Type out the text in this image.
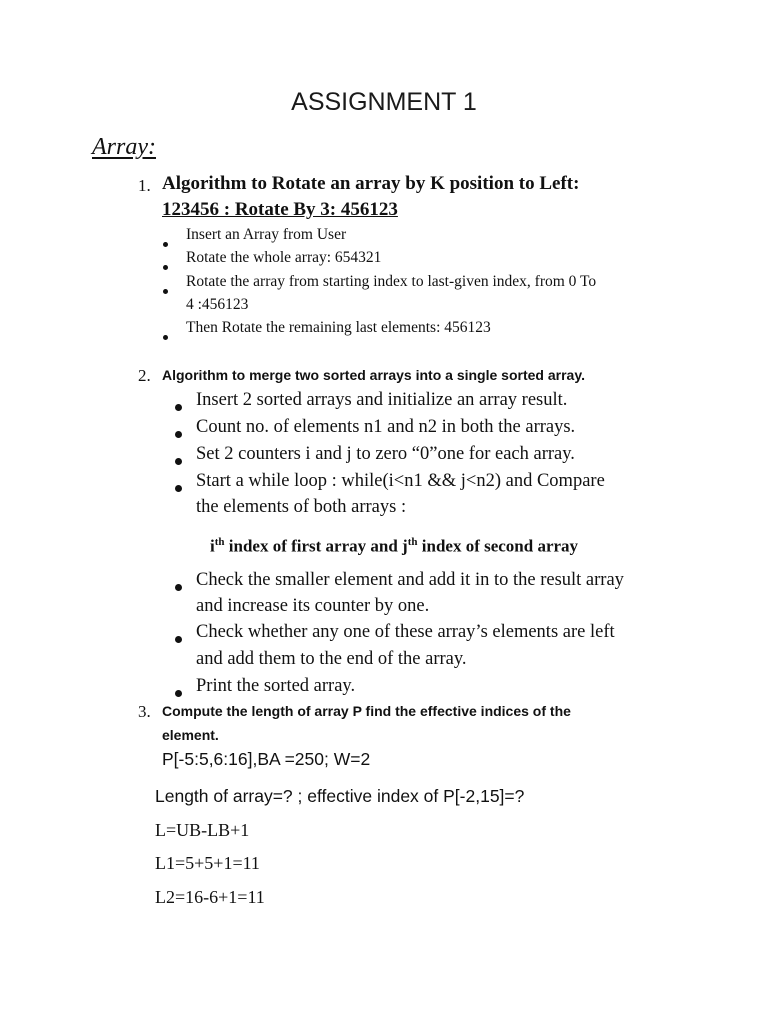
ASSIGNMENT 1
Array:
1. Algorithm to Rotate an array by K position to Left:
123456 : Rotate By 3: 456123
Insert an Array from User
Rotate the whole array: 654321
Rotate the array from starting index to last-given index, from 0 To
4 :456123
Then Rotate the remaining last elements: 456123
2. Algorithm to merge two sorted arrays into a single sorted array.
Insert 2 sorted arrays and initialize an array result.
Count no. of elements n1 and n2 in both the arrays.
Set 2 counters i and j to zero “0”one for each array.
Start a while loop : while(i<n1 && j<n2) and Compare
the elements of both arrays :
$i^{th}$ index of first array and $j^{th}$ index of second array
Check the smaller element and add it in to the result array
and increase its counter by one.
Check whether any one of these array’s elements are left
and add them to the end of the array.
Print the sorted array.
3. Compute the length of array P find the effective indices of the
element.
P[-5:5,6:16],BA =250; W=2
Length of array=? ; effective index of P[-2,15]=?
L=UB-LB+1
L1=5+5+1=11
L2=16-6+1=11
